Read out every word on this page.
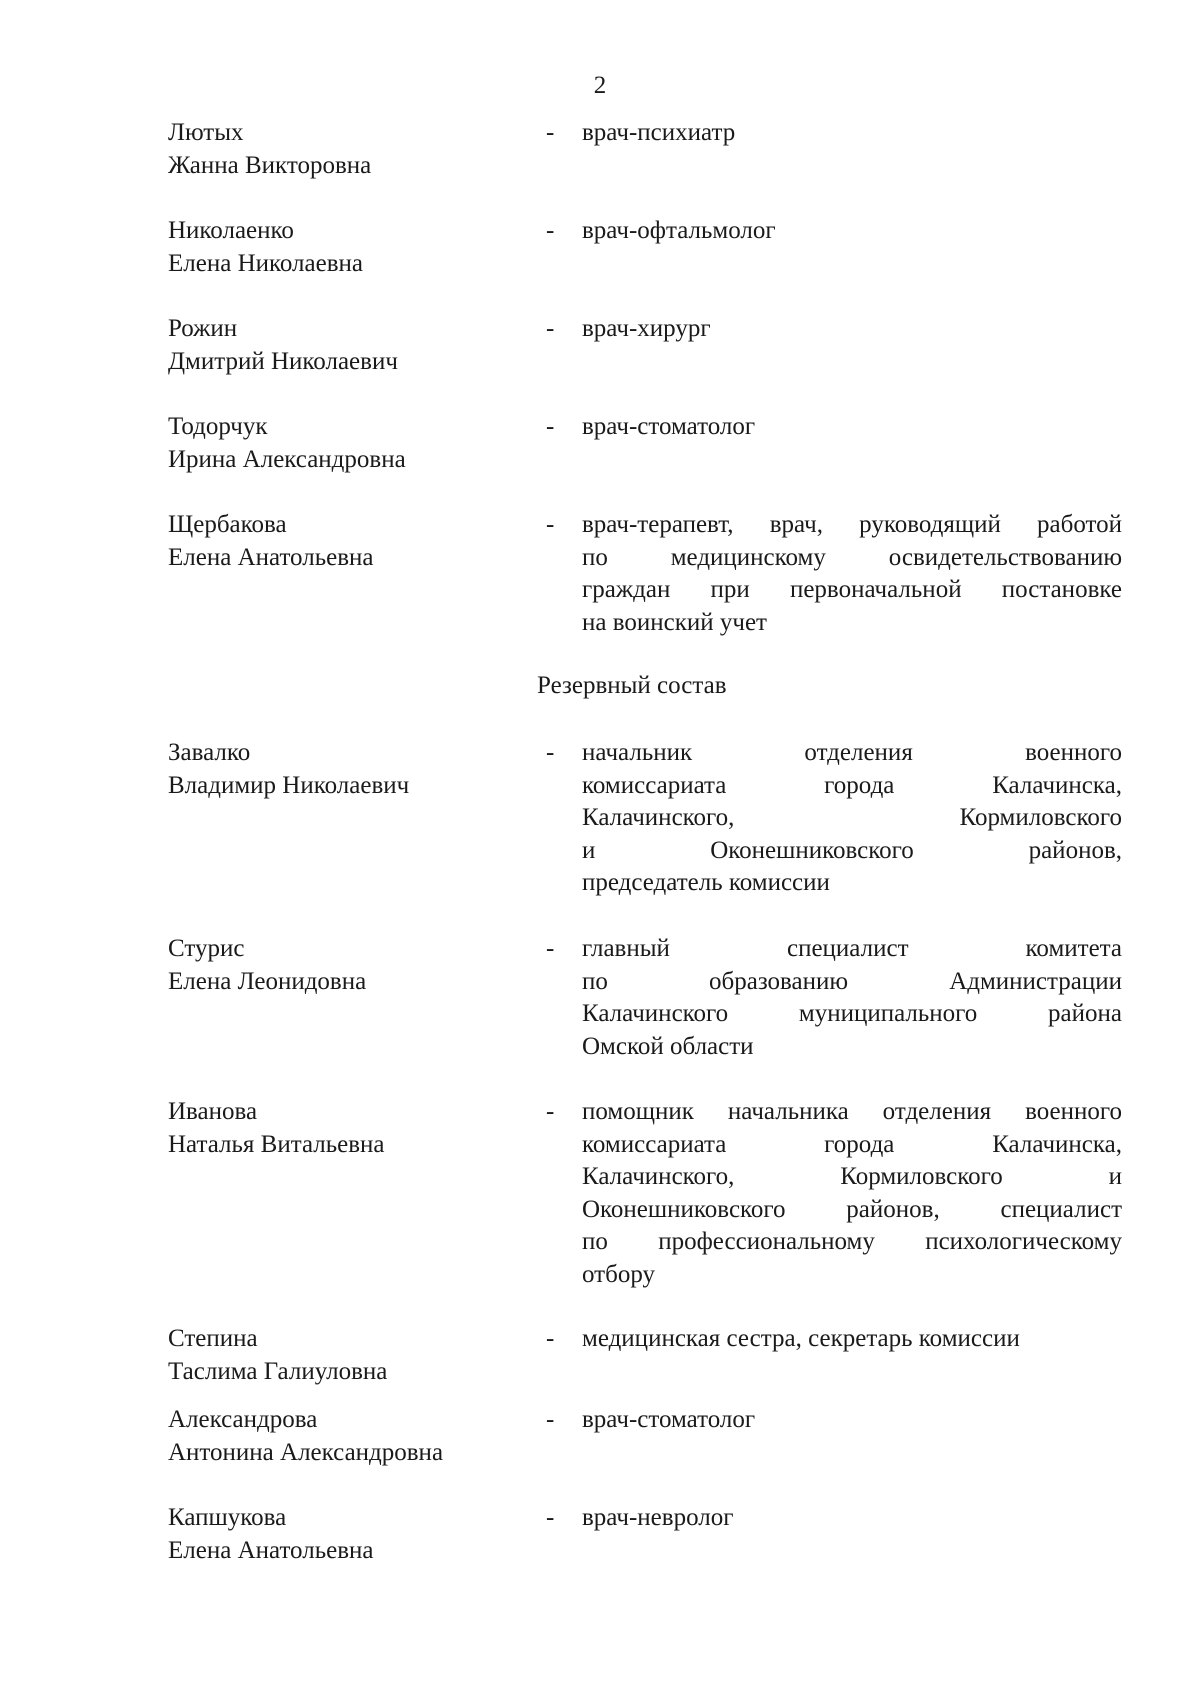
2
Лютых
Жанна Викторовна
- врач-психиатр
Николаенко
Елена Николаевна
- врач-офтальмолог
Рожин
Дмитрий Николаевич
- врач-хирург
Тодорчук
Ирина Александровна
- врач-стоматолог
Щербакова
Елена Анатольевна
- врач-терапевт, врач, руководящий работой
по медицинскому освидетельствованию
граждан при первоначальной постановке
на воинский учет
Резервный состав
Завалко
Владимир Николаевич
- начальник отделения военного
комиссариата города Калачинска,
Калачинского, Кормиловского
и Оконешниковского районов,
председатель комиссии
Стурис
Елена Леонидовна
- главный специалист комитета
по образованию Администрации
Калачинского муниципального района
Омской области
Иванова
Наталья Витальевна
- помощник начальника отделения военного
комиссариата города Калачинска,
Калачинского, Кормиловского и
Оконешниковского районов, специалист
по профессиональному психологическому
отбору
Степина
Таслима Галиуловна
- медицинская сестра, секретарь комиссии
Александрова
Антонина Александровна
- врач-стоматолог
Капшукова
Елена Анатольевна
- врач-невролог
